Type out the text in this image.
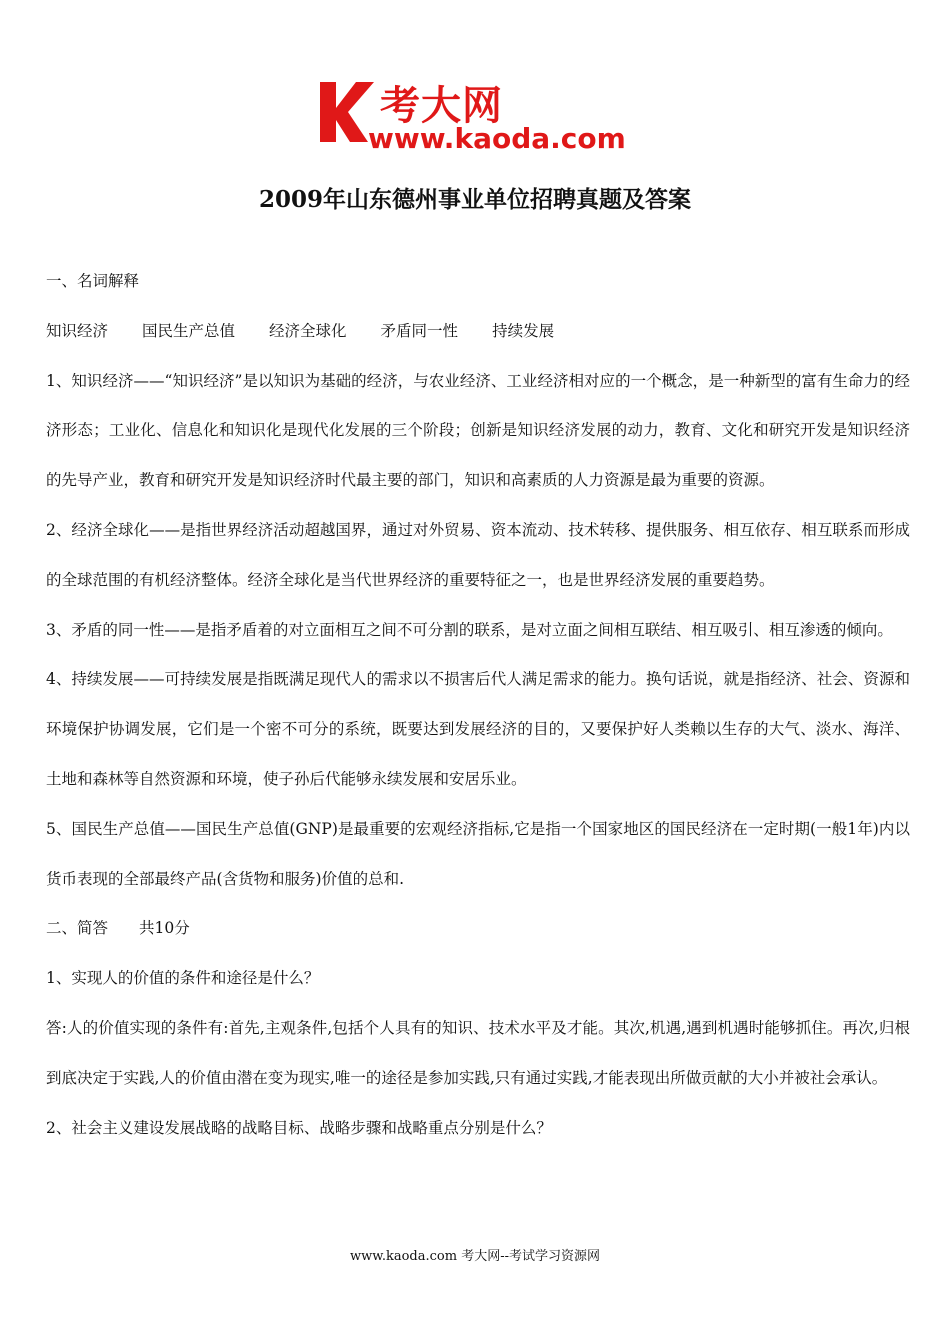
考大网
www.kaoda.com
2009年山东德州事业单位招聘真题及答案

一、名词解释

知识经济 国民生产总值 经济全球化 矛盾同一性 持续发展

1、知识经济——“知识经济”是以知识为基础的经济，与农业经济、工业经济相对应的一个概念，是一种新型的富有生命力的经济形态；工业化、信息化和知识化是现代化发展的三个阶段；创新是知识经济发展的动力，教育、文化和研究开发是知识经济的先导产业，教育和研究开发是知识经济时代最主要的部门，知识和高素质的人力资源是最为重要的资源。

2、经济全球化——是指世界经济活动超越国界，通过对外贸易、资本流动、技术转移、提供服务、相互依存、相互联系而形成的全球范围的有机经济整体。经济全球化是当代世界经济的重要特征之一，也是世界经济发展的重要趋势。

3、矛盾的同一性——是指矛盾着的对立面相互之间不可分割的联系，是对立面之间相互联结、相互吸引、相互渗透的倾向。

4、持续发展——可持续发展是指既满足现代人的需求以不损害后代人满足需求的能力。换句话说，就是指经济、社会、资源和环境保护协调发展，它们是一个密不可分的系统，既要达到发展经济的目的，又要保护好人类赖以生存的大气、淡水、海洋、土地和森林等自然资源和环境，使子孙后代能够永续发展和安居乐业。

5、国民生产总值——国民生产总值(GNP)是最重要的宏观经济指标,它是指一个国家地区的国民经济在一定时期(一般1年)内以货币表现的全部最终产品(含货物和服务)价值的总和.

二、简答　　共10分

1、实现人的价值的条件和途径是什么？

答:人的价值实现的条件有:首先,主观条件,包括个人具有的知识、技术水平及才能。其次,机遇,遇到机遇时能够抓住。再次,归根到底决定于实践,人的价值由潜在变为现实,唯一的途径是参加实践,只有通过实践,才能表现出所做贡献的大小并被社会承认。

2、社会主义建设发展战略的战略目标、战略步骤和战略重点分别是什么？

www.kaoda.com 考大网--考试学习资源网
